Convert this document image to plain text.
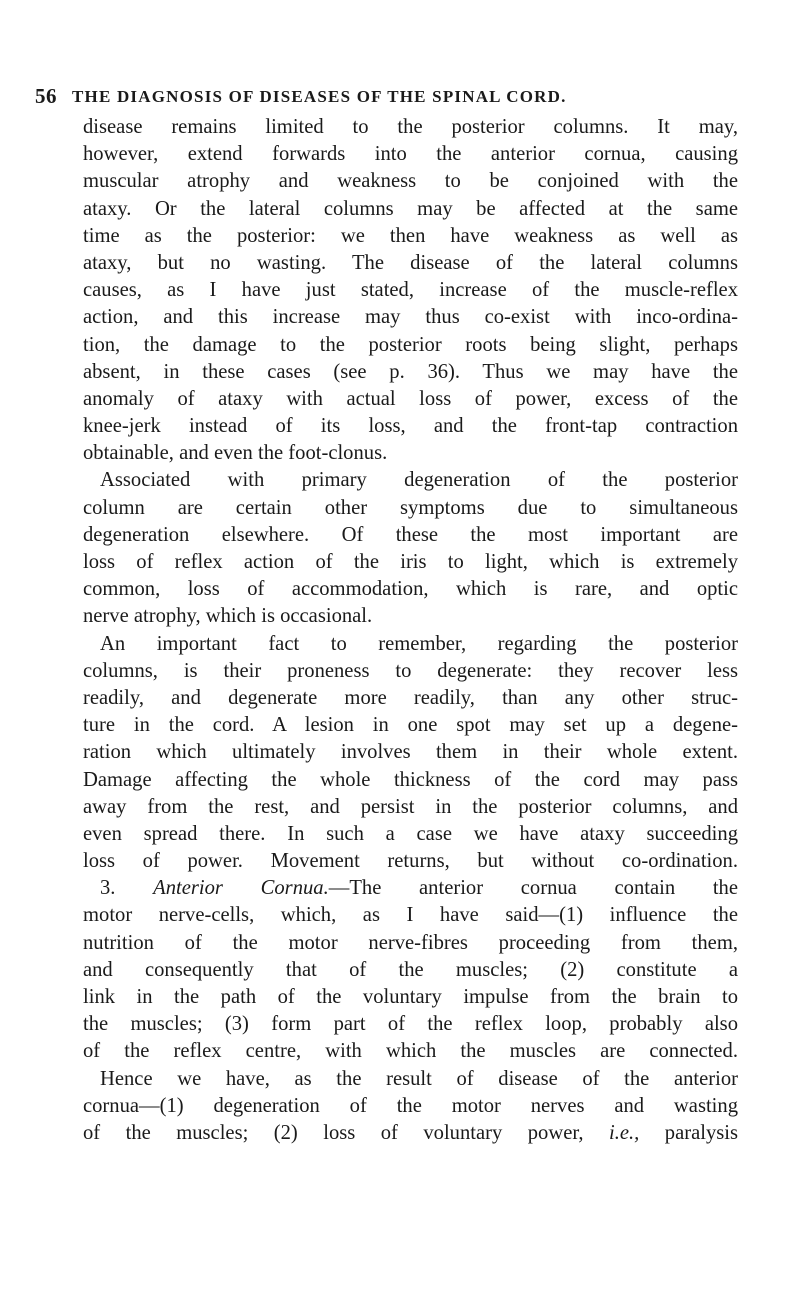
56 THE DIAGNOSIS OF DISEASES OF THE SPINAL CORD.
disease remains limited to the posterior columns. It may,
however, extend forwards into the anterior cornua, causing
muscular atrophy and weakness to be conjoined with the
ataxy. Or the lateral columns may be affected at the same
time as the posterior: we then have weakness as well as
ataxy, but no wasting. The disease of the lateral columns
causes, as I have just stated, increase of the muscle-reflex
action, and this increase may thus co-exist with inco-ordina-
tion, the damage to the posterior roots being slight, perhaps
absent, in these cases (see p. 36). Thus we may have the
anomaly of ataxy with actual loss of power, excess of the
knee-jerk instead of its loss, and the front-tap contraction
obtainable, and even the foot-clonus.
Associated with primary degeneration of the posterior
column are certain other symptoms due to simultaneous
degeneration elsewhere. Of these the most important are
loss of reflex action of the iris to light, which is extremely
common, loss of accommodation, which is rare, and optic
nerve atrophy, which is occasional.
An important fact to remember, regarding the posterior
columns, is their proneness to degenerate: they recover less
readily, and degenerate more readily, than any other struc-
ture in the cord. A lesion in one spot may set up a degene-
ration which ultimately involves them in their whole extent.
Damage affecting the whole thickness of the cord may pass
away from the rest, and persist in the posterior columns, and
even spread there. In such a case we have ataxy succeeding
loss of power. Movement returns, but without co-ordination.
3. Anterior Cornua.—The anterior cornua contain the
motor nerve-cells, which, as I have said—(1) influence the
nutrition of the motor nerve-fibres proceeding from them,
and consequently that of the muscles; (2) constitute a
link in the path of the voluntary impulse from the brain to
the muscles; (3) form part of the reflex loop, probably also
of the reflex centre, with which the muscles are connected.
Hence we have, as the result of disease of the anterior
cornua—(1) degeneration of the motor nerves and wasting
of the muscles; (2) loss of voluntary power, i.e., paralysis
